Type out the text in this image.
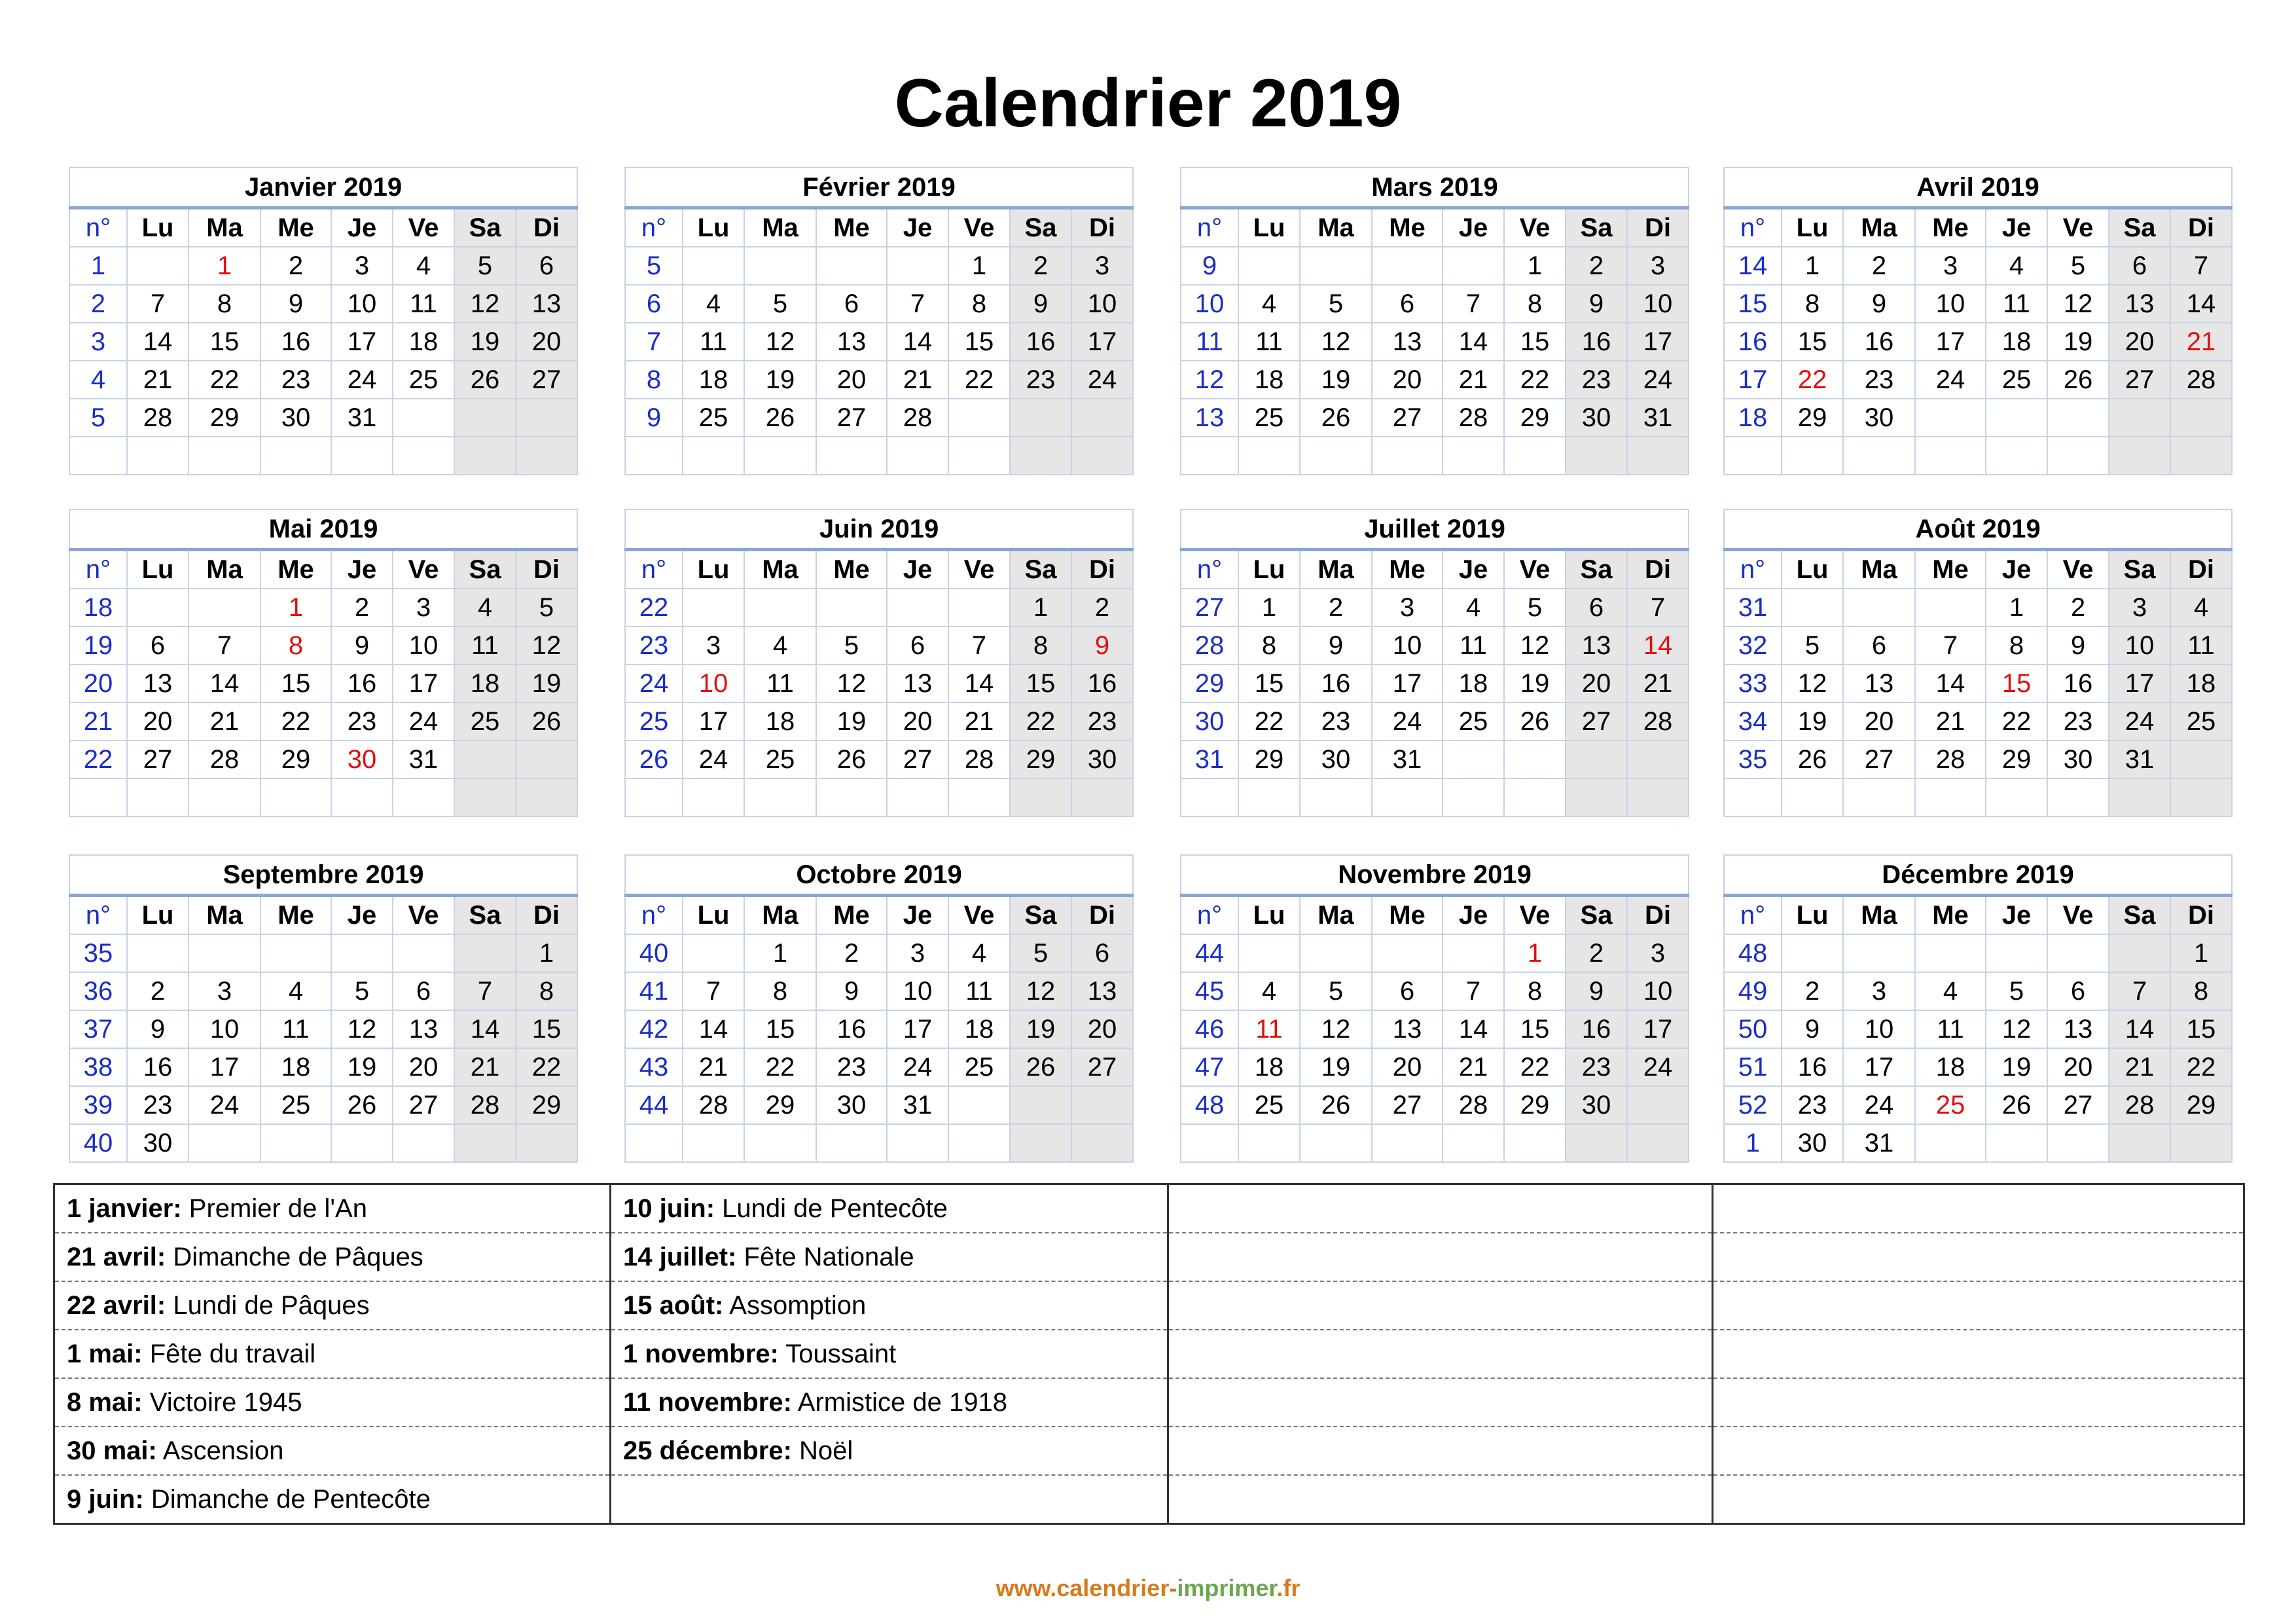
Calendrier 2019
Janvier 2019							
n°	Lu	Ma	Me	Je	Ve	Sa	Di
1		1	2	3	4	5	6
2	7	8	9	10	11	12	13
3	14	15	16	17	18	19	20
4	21	22	23	24	25	26	27
5	28	29	30	31			

Février 2019							
n°	Lu	Ma	Me	Je	Ve	Sa	Di
5					1	2	3
6	4	5	6	7	8	9	10
7	11	12	13	14	15	16	17
8	18	19	20	21	22	23	24
9	25	26	27	28			

Mars 2019							
n°	Lu	Ma	Me	Je	Ve	Sa	Di
9					1	2	3
10	4	5	6	7	8	9	10
11	11	12	13	14	15	16	17
12	18	19	20	21	22	23	24
13	25	26	27	28	29	30	31

Avril 2019							
n°	Lu	Ma	Me	Je	Ve	Sa	Di
14	1	2	3	4	5	6	7
15	8	9	10	11	12	13	14
16	15	16	17	18	19	20	21
17	22	23	24	25	26	27	28
18	29	30					

Mai 2019							
n°	Lu	Ma	Me	Je	Ve	Sa	Di
18			1	2	3	4	5
19	6	7	8	9	10	11	12
20	13	14	15	16	17	18	19
21	20	21	22	23	24	25	26
22	27	28	29	30	31		

Juin 2019							
n°	Lu	Ma	Me	Je	Ve	Sa	Di
22						1	2
23	3	4	5	6	7	8	9
24	10	11	12	13	14	15	16
25	17	18	19	20	21	22	23
26	24	25	26	27	28	29	30

Juillet 2019							
n°	Lu	Ma	Me	Je	Ve	Sa	Di
27	1	2	3	4	5	6	7
28	8	9	10	11	12	13	14
29	15	16	17	18	19	20	21
30	22	23	24	25	26	27	28
31	29	30	31				

Août 2019							
n°	Lu	Ma	Me	Je	Ve	Sa	Di
31				1	2	3	4
32	5	6	7	8	9	10	11
33	12	13	14	15	16	17	18
34	19	20	21	22	23	24	25
35	26	27	28	29	30	31	

Septembre 2019							
n°	Lu	Ma	Me	Je	Ve	Sa	Di
35							1
36	2	3	4	5	6	7	8
37	9	10	11	12	13	14	15
38	16	17	18	19	20	21	22
39	23	24	25	26	27	28	29
40	30						
Octobre 2019							
n°	Lu	Ma	Me	Je	Ve	Sa	Di
40		1	2	3	4	5	6
41	7	8	9	10	11	12	13
42	14	15	16	17	18	19	20
43	21	22	23	24	25	26	27
44	28	29	30	31			

Novembre 2019							
n°	Lu	Ma	Me	Je	Ve	Sa	Di
44					1	2	3
45	4	5	6	7	8	9	10
46	11	12	13	14	15	16	17
47	18	19	20	21	22	23	24
48	25	26	27	28	29	30	

Décembre 2019							
n°	Lu	Ma	Me	Je	Ve	Sa	Di
48							1
49	2	3	4	5	6	7	8
50	9	10	11	12	13	14	15
51	16	17	18	19	20	21	22
52	23	24	25	26	27	28	29
1	30	31					
1 janvier: Premier de l'An	10 juin: Lundi de Pentecôte		
21 avril: Dimanche de Pâques	14 juillet: Fête Nationale		
22 avril: Lundi de Pâques	15 août: Assomption		
1 mai: Fête du travail	1 novembre: Toussaint		
8 mai: Victoire 1945	11 novembre: Armistice de 1918		
30 mai: Ascension	25 décembre: Noël		
9 juin: Dimanche de Pentecôte			
www.calendrier-imprimer.fr
